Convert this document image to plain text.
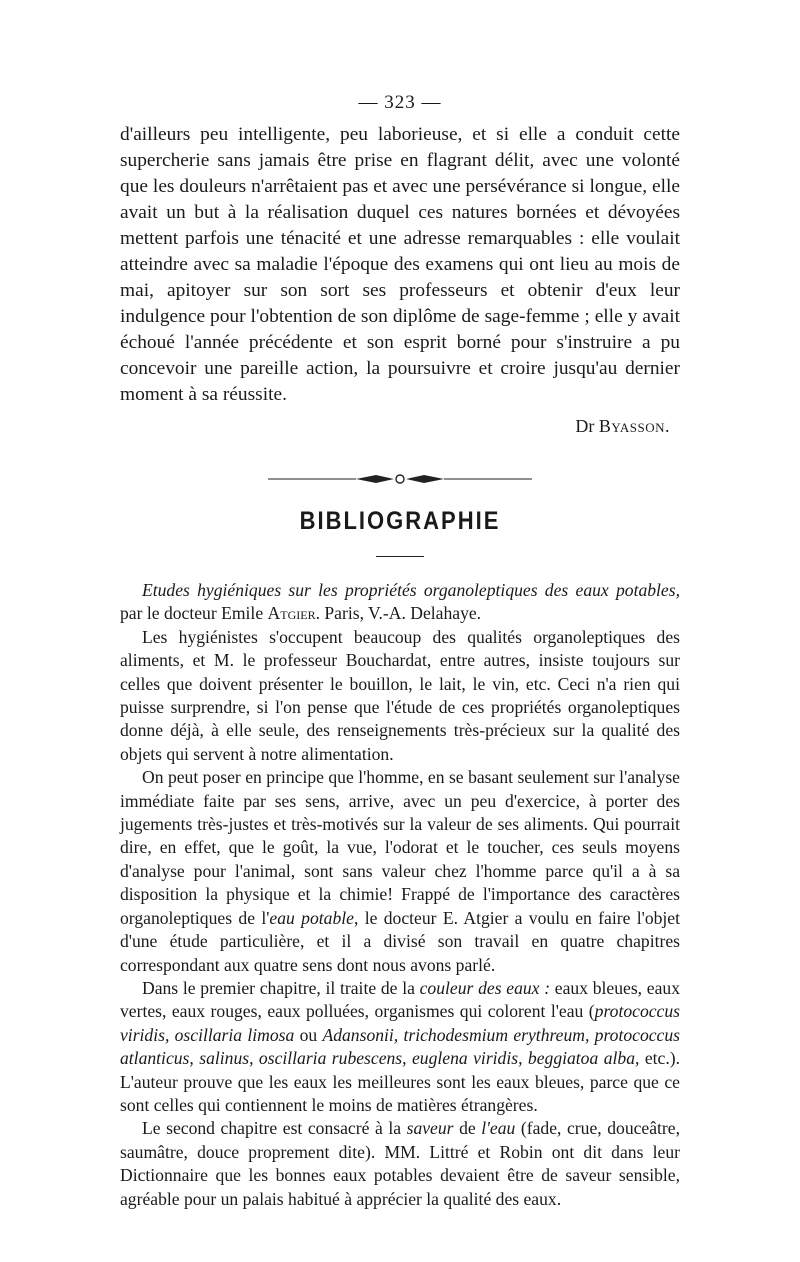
— 323 —

d'ailleurs peu intelligente, peu laborieuse, et si elle a conduit cette supercherie sans jamais être prise en flagrant délit, avec une volonté que les douleurs n'arrêtaient pas et avec une persévérance si longue, elle avait un but à la réalisation duquel ces natures bornées et dévoyées mettent parfois une ténacité et une adresse remarquables : elle voulait atteindre avec sa maladie l'époque des examens qui ont lieu au mois de mai, apitoyer sur son sort ses professeurs et obtenir d'eux leur indulgence pour l'obtention de son diplôme de sage-femme ; elle y avait échoué l'année précédente et son esprit borné pour s'instruire a pu concevoir une pareille action, la poursuivre et croire jusqu'au dernier moment à sa réussite.

Dr Byasson.
BIBLIOGRAPHIE

Etudes hygiéniques sur les propriétés organoleptiques des eaux potables, par le docteur Emile Atgier. Paris, V.-A. Delahaye.

Les hygiénistes s'occupent beaucoup des qualités organoleptiques des aliments, et M. le professeur Bouchardat, entre autres, insiste toujours sur celles que doivent présenter le bouillon, le lait, le vin, etc. Ceci n'a rien qui puisse surprendre, si l'on pense que l'étude de ces propriétés organoleptiques donne déjà, à elle seule, des renseignements très-précieux sur la qualité des objets qui servent à notre alimentation.

On peut poser en principe que l'homme, en se basant seulement sur l'analyse immédiate faite par ses sens, arrive, avec un peu d'exercice, à porter des jugements très-justes et très-motivés sur la valeur de ses aliments. Qui pourrait dire, en effet, que le goût, la vue, l'odorat et le toucher, ces seuls moyens d'analyse pour l'animal, sont sans valeur chez l'homme parce qu'il a à sa disposition la physique et la chimie! Frappé de l'importance des caractères organoleptiques de l'eau potable, le docteur E. Atgier a voulu en faire l'objet d'une étude particulière, et il a divisé son travail en quatre chapitres correspondant aux quatre sens dont nous avons parlé.

Dans le premier chapitre, il traite de la couleur des eaux : eaux bleues, eaux vertes, eaux rouges, eaux polluées, organismes qui colorent l'eau (protococcus viridis, oscillaria limosa ou Adansonii, trichodesmium erythreum, protococcus atlanticus, salinus, oscillaria rubescens, euglena viridis, beggiatoa alba, etc.). L'auteur prouve que les eaux les meilleures sont les eaux bleues, parce que ce sont celles qui contiennent le moins de matières étrangères.

Le second chapitre est consacré à la saveur de l'eau (fade, crue, douceâtre, saumâtre, douce proprement dite). MM. Littré et Robin ont dit dans leur Dictionnaire que les bonnes eaux potables devaient être de saveur sensible, agréable pour un palais habitué à apprécier la qualité des eaux.
